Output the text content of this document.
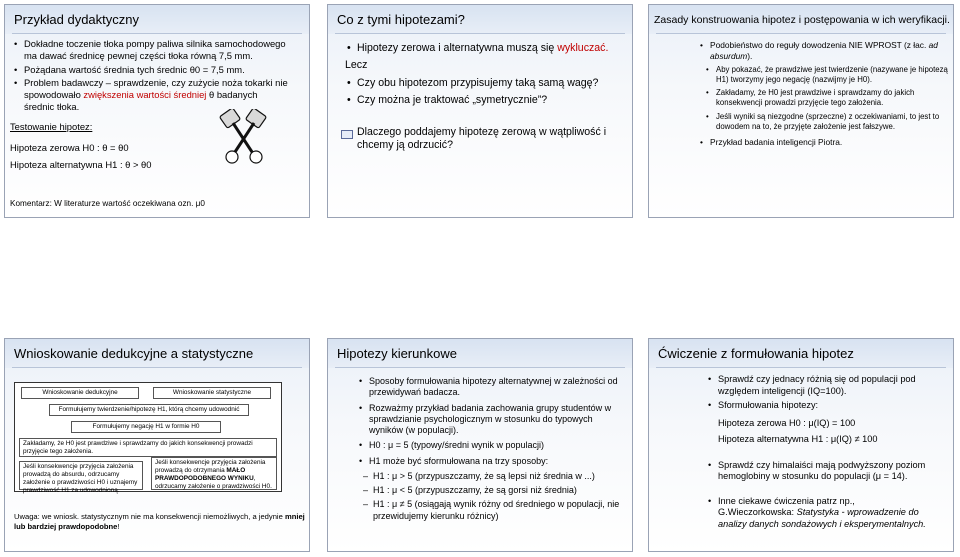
Przykład dydaktyczny
• Dokładne toczenie tłoka pompy paliwa silnika samochodowego ma dawać średnicę pewnej części tłoka równą 7,5 mm.
• Pożądana wartość średnia tych średnic θ0 = 7,5 mm.
• Problem badawczy – sprawdzenie, czy zużycie noża tokarki nie spowodowało zwiększenia wartości średniej θ badanych średnic tłoka.
Testowanie hipotez:
Hipoteza zerowa H0 : θ = θ0
Hipoteza alternatywna H1 : θ > θ0
Komentarz: W literaturze wartość oczekiwana ozn. μ0
Co z tymi hipotezami?
• Hipotezy zerowa i alternatywna muszą się wykluczać.
Lecz
• Czy obu hipotezom przypisujemy taką samą wagę?
• Czy można je traktować „symetrycznie”?
• Dlaczego poddajemy hipotezę zerową w wątpliwość i chcemy ją odrzucić?
Zasady konstruowania hipotez i postępowania w ich weryfikacji.
• Podobieństwo do reguły dowodzenia NIE WPROST (z łac. ad absurdum).
• Aby pokazać, że prawdziwe jest twierdzenie (nazywane je hipotezą H1) tworzymy jego negację (nazwijmy je H0).
• Zakładamy, że H0 jest prawdziwe i sprawdzamy do jakich konsekwencji prowadzi przyjęcie tego założenia.
• Jeśli wyniki są niezgodne (sprzeczne) z oczekiwaniami, to jest to dowodem na to, że przyjęte założenie jest fałszywe.
• Przykład badania inteligencji Piotra.
Wnioskowanie dedukcyjne a statystyczne
Wnioskowanie dedukcyjne	Wnioskowanie statystyczne
Formułujemy twierdzenie/hipotezę H1, którą chcemy udowodnić
Formułujemy negację H1 w formie H0
Zakładamy, że H0 jest prawdziwe i sprawdzamy do jakich konsekwencji prowadzi przyjęcie tego założenia.
Jeśli konsekwencje przyjęcia założenia prowadzą do absurdu, odrzucamy założenie o prawdziwości H0 i uznajemy prawdziwość H1 za udowodnioną.
Jeśli konsekwencje przyjęcia założenia prowadzą do otrzymania MAŁO PRAWDOPODOBNEGO WYNIKU, odrzucamy założenie o prawdziwości H0.
Uwaga: we wniosk. statystycznym nie ma konsekwencji niemożliwych, a jedynie mniej lub bardziej prawdopodobne!
Hipotezy kierunkowe
• Sposoby formułowania hipotezy alternatywnej w zależności od przewidywań badacza.
• Rozważmy przykład badania zachowania grupy studentów w sprawdzianie psychologicznym w stosunku do typowych wyników (w populacji).
• H0 : μ = 5 (typowy/średni wynik w populacji)
• H1 może być sformułowana na trzy sposoby:
– H1 : μ > 5 (przypuszczamy, że są lepsi niż średnia w ...)
– H1 : μ < 5 (przypuszczamy, że są gorsi niż średnia)
– H1 : μ ≠ 5 (osiągają wynik różny od średniego w populacji, nie przewidujemy kierunku różnicy)
Ćwiczenie z formułowania hipotez
• Sprawdź czy jednacy różnią się od populacji pod względem inteligencji (IQ=100).
• Sformułowania hipotezy:
Hipoteza zerowa H0 : μ(IQ) = 100
Hipoteza alternatywna H1 : μ(IQ) ≠ 100
• Sprawdź czy himalaiści mają podwyższony poziom hemoglobiny w stosunku do populacji (μ = 14).
• Inne ciekawe ćwiczenia patrz np.,
G.Wieczorkowska: Statystyka - wprowadzenie do analizy danych sondażowych i eksperymentalnych.
